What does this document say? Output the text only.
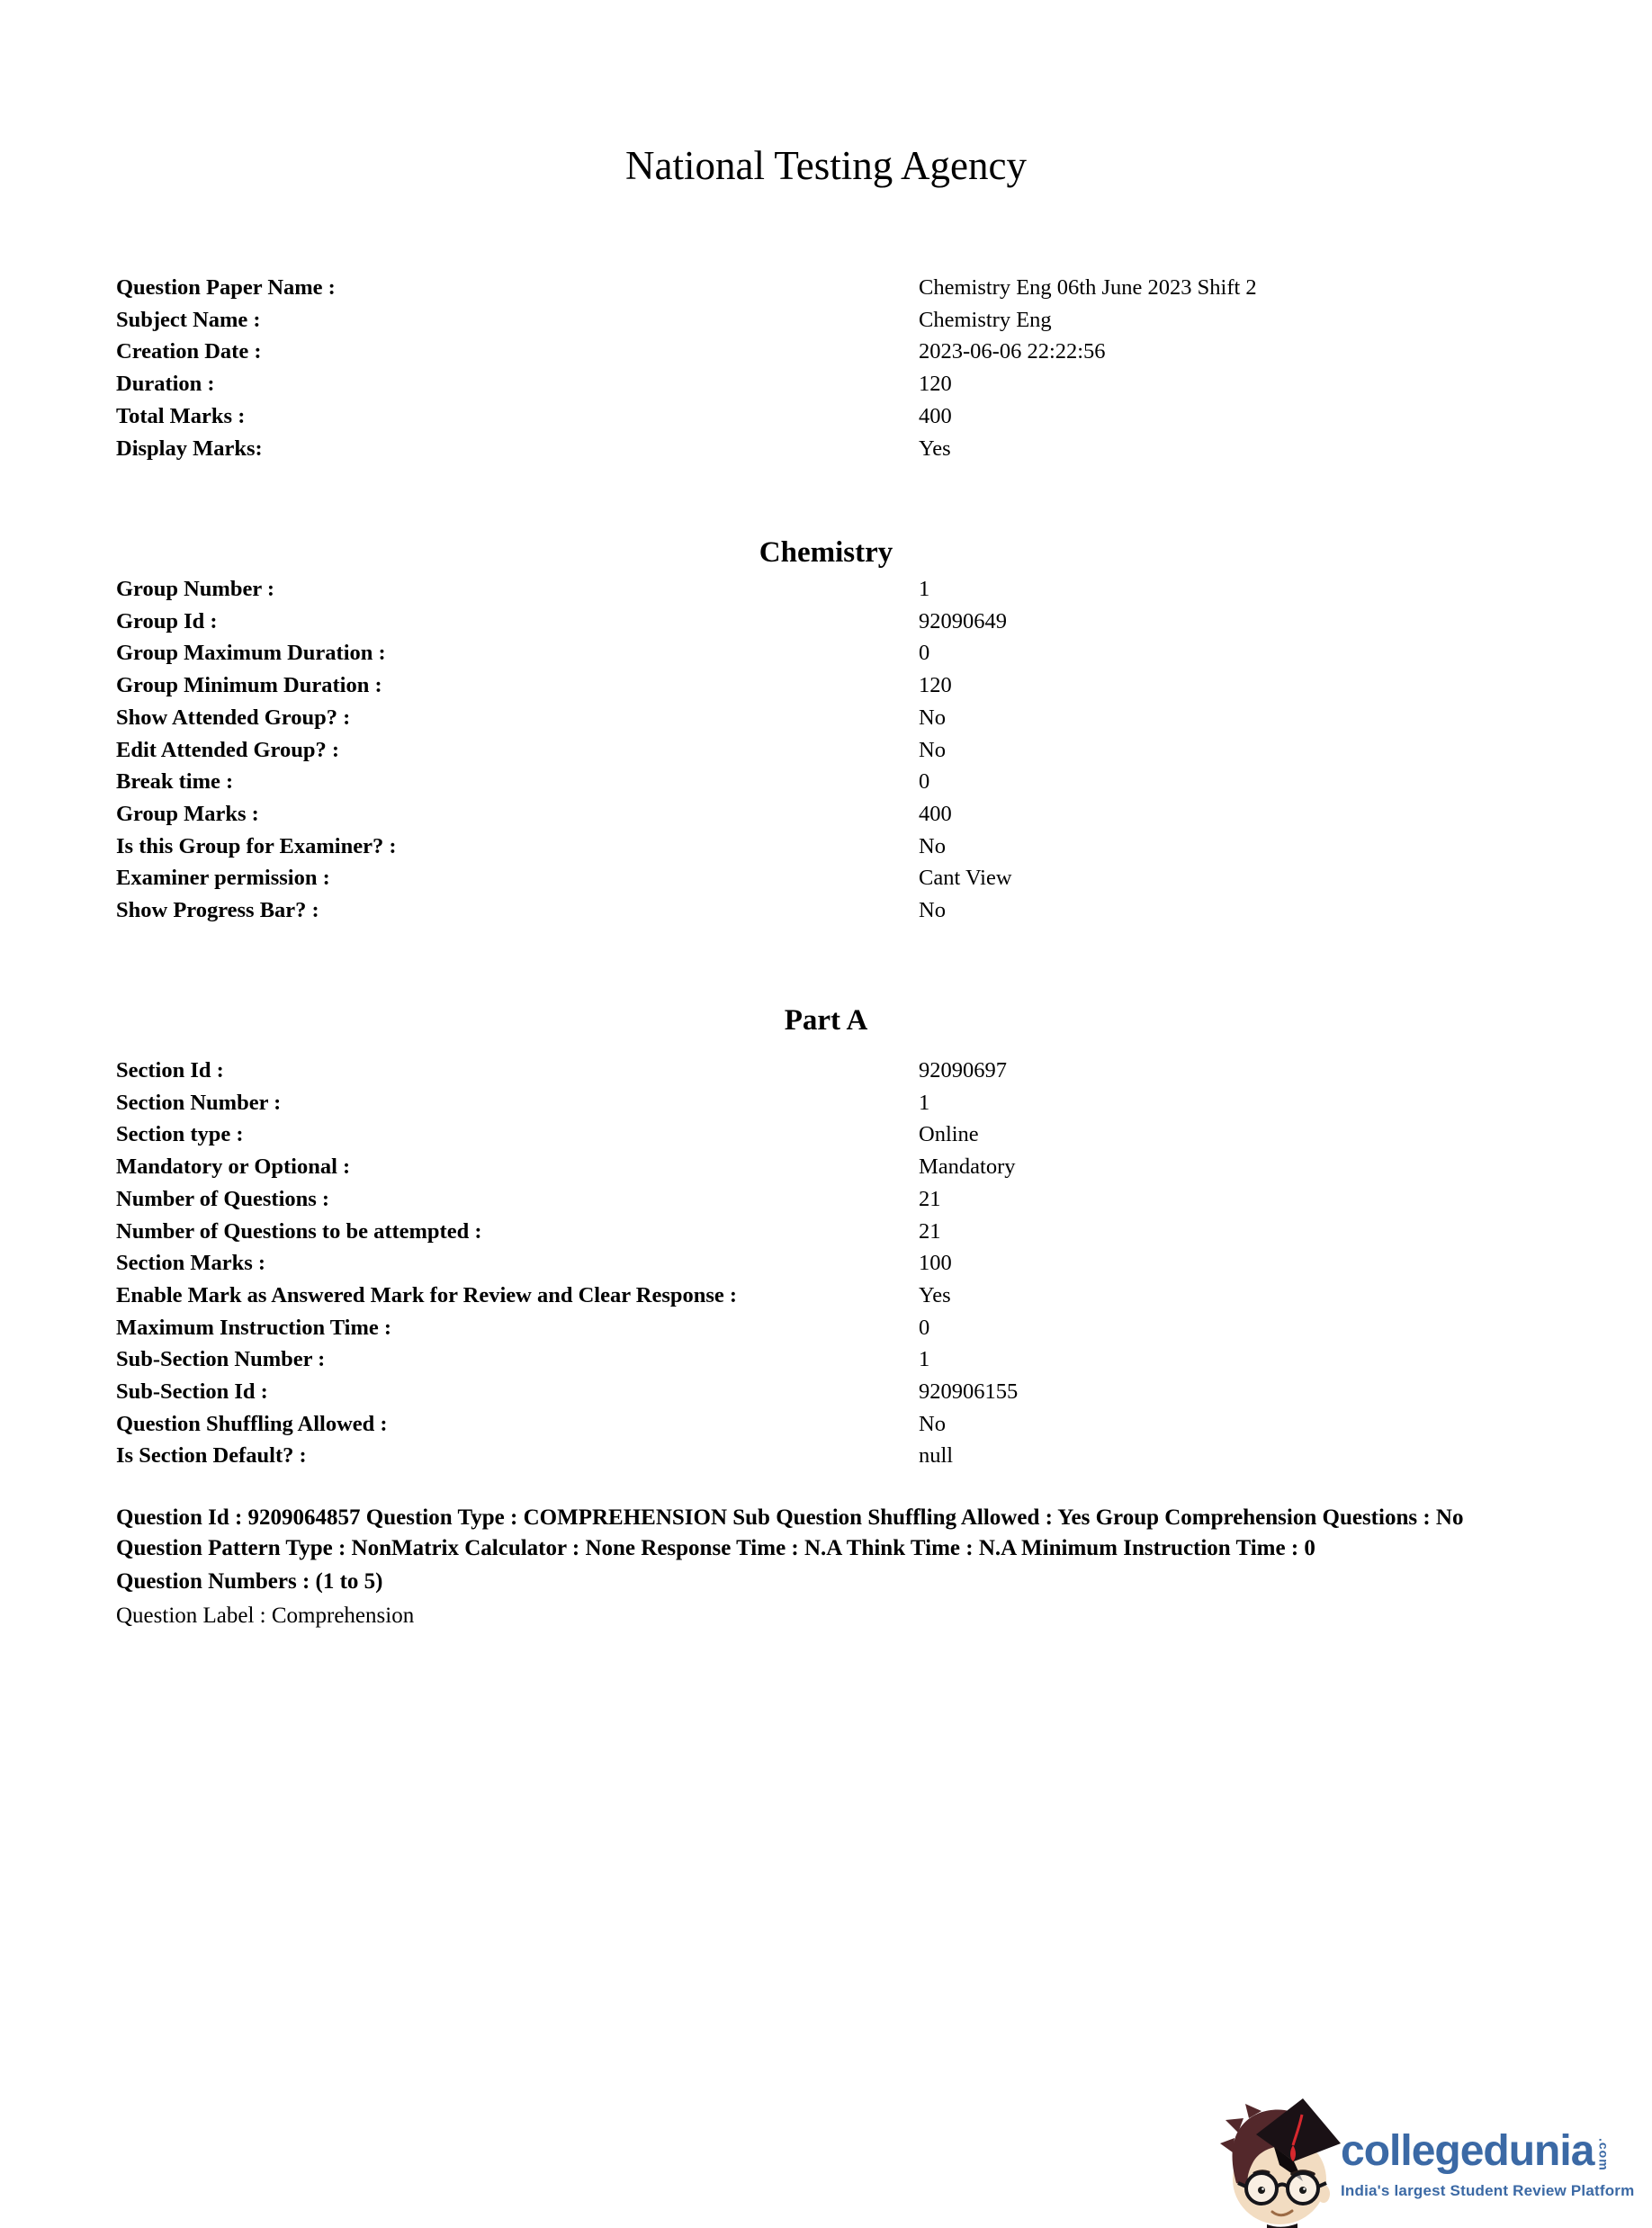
National Testing Agency
Question Paper Name :	Chemistry Eng 06th June 2023 Shift 2
Subject Name :	Chemistry Eng
Creation Date :	2023-06-06 22:22:56
Duration :	120
Total Marks :	400
Display Marks:	Yes
Chemistry
Group Number :	1
Group Id :	92090649
Group Maximum Duration :	0
Group Minimum Duration :	120
Show Attended Group? :	No
Edit Attended Group? :	No
Break time :	0
Group Marks :	400
Is this Group for Examiner? :	No
Examiner permission :	Cant View
Show Progress Bar? :	No
Part A
Section Id :	92090697
Section Number :	1
Section type :	Online
Mandatory or Optional :	Mandatory
Number of Questions :	21
Number of Questions to be attempted :	21
Section Marks :	100
Enable Mark as Answered Mark for Review and Clear Response :	Yes
Maximum Instruction Time :	0
Sub-Section Number :	1
Sub-Section Id :	920906155
Question Shuffling Allowed :	No
Is Section Default? :	null
Question Id : 9209064857 Question Type : COMPREHENSION Sub Question Shuffling Allowed : Yes Group Comprehension Questions : No
Question Pattern Type : NonMatrix Calculator : None Response Time : N.A Think Time : N.A Minimum Instruction Time : 0
Question Numbers : (1 to 5)
Question Label : Comprehension
collegedunia .com
India's largest Student Review Platform
